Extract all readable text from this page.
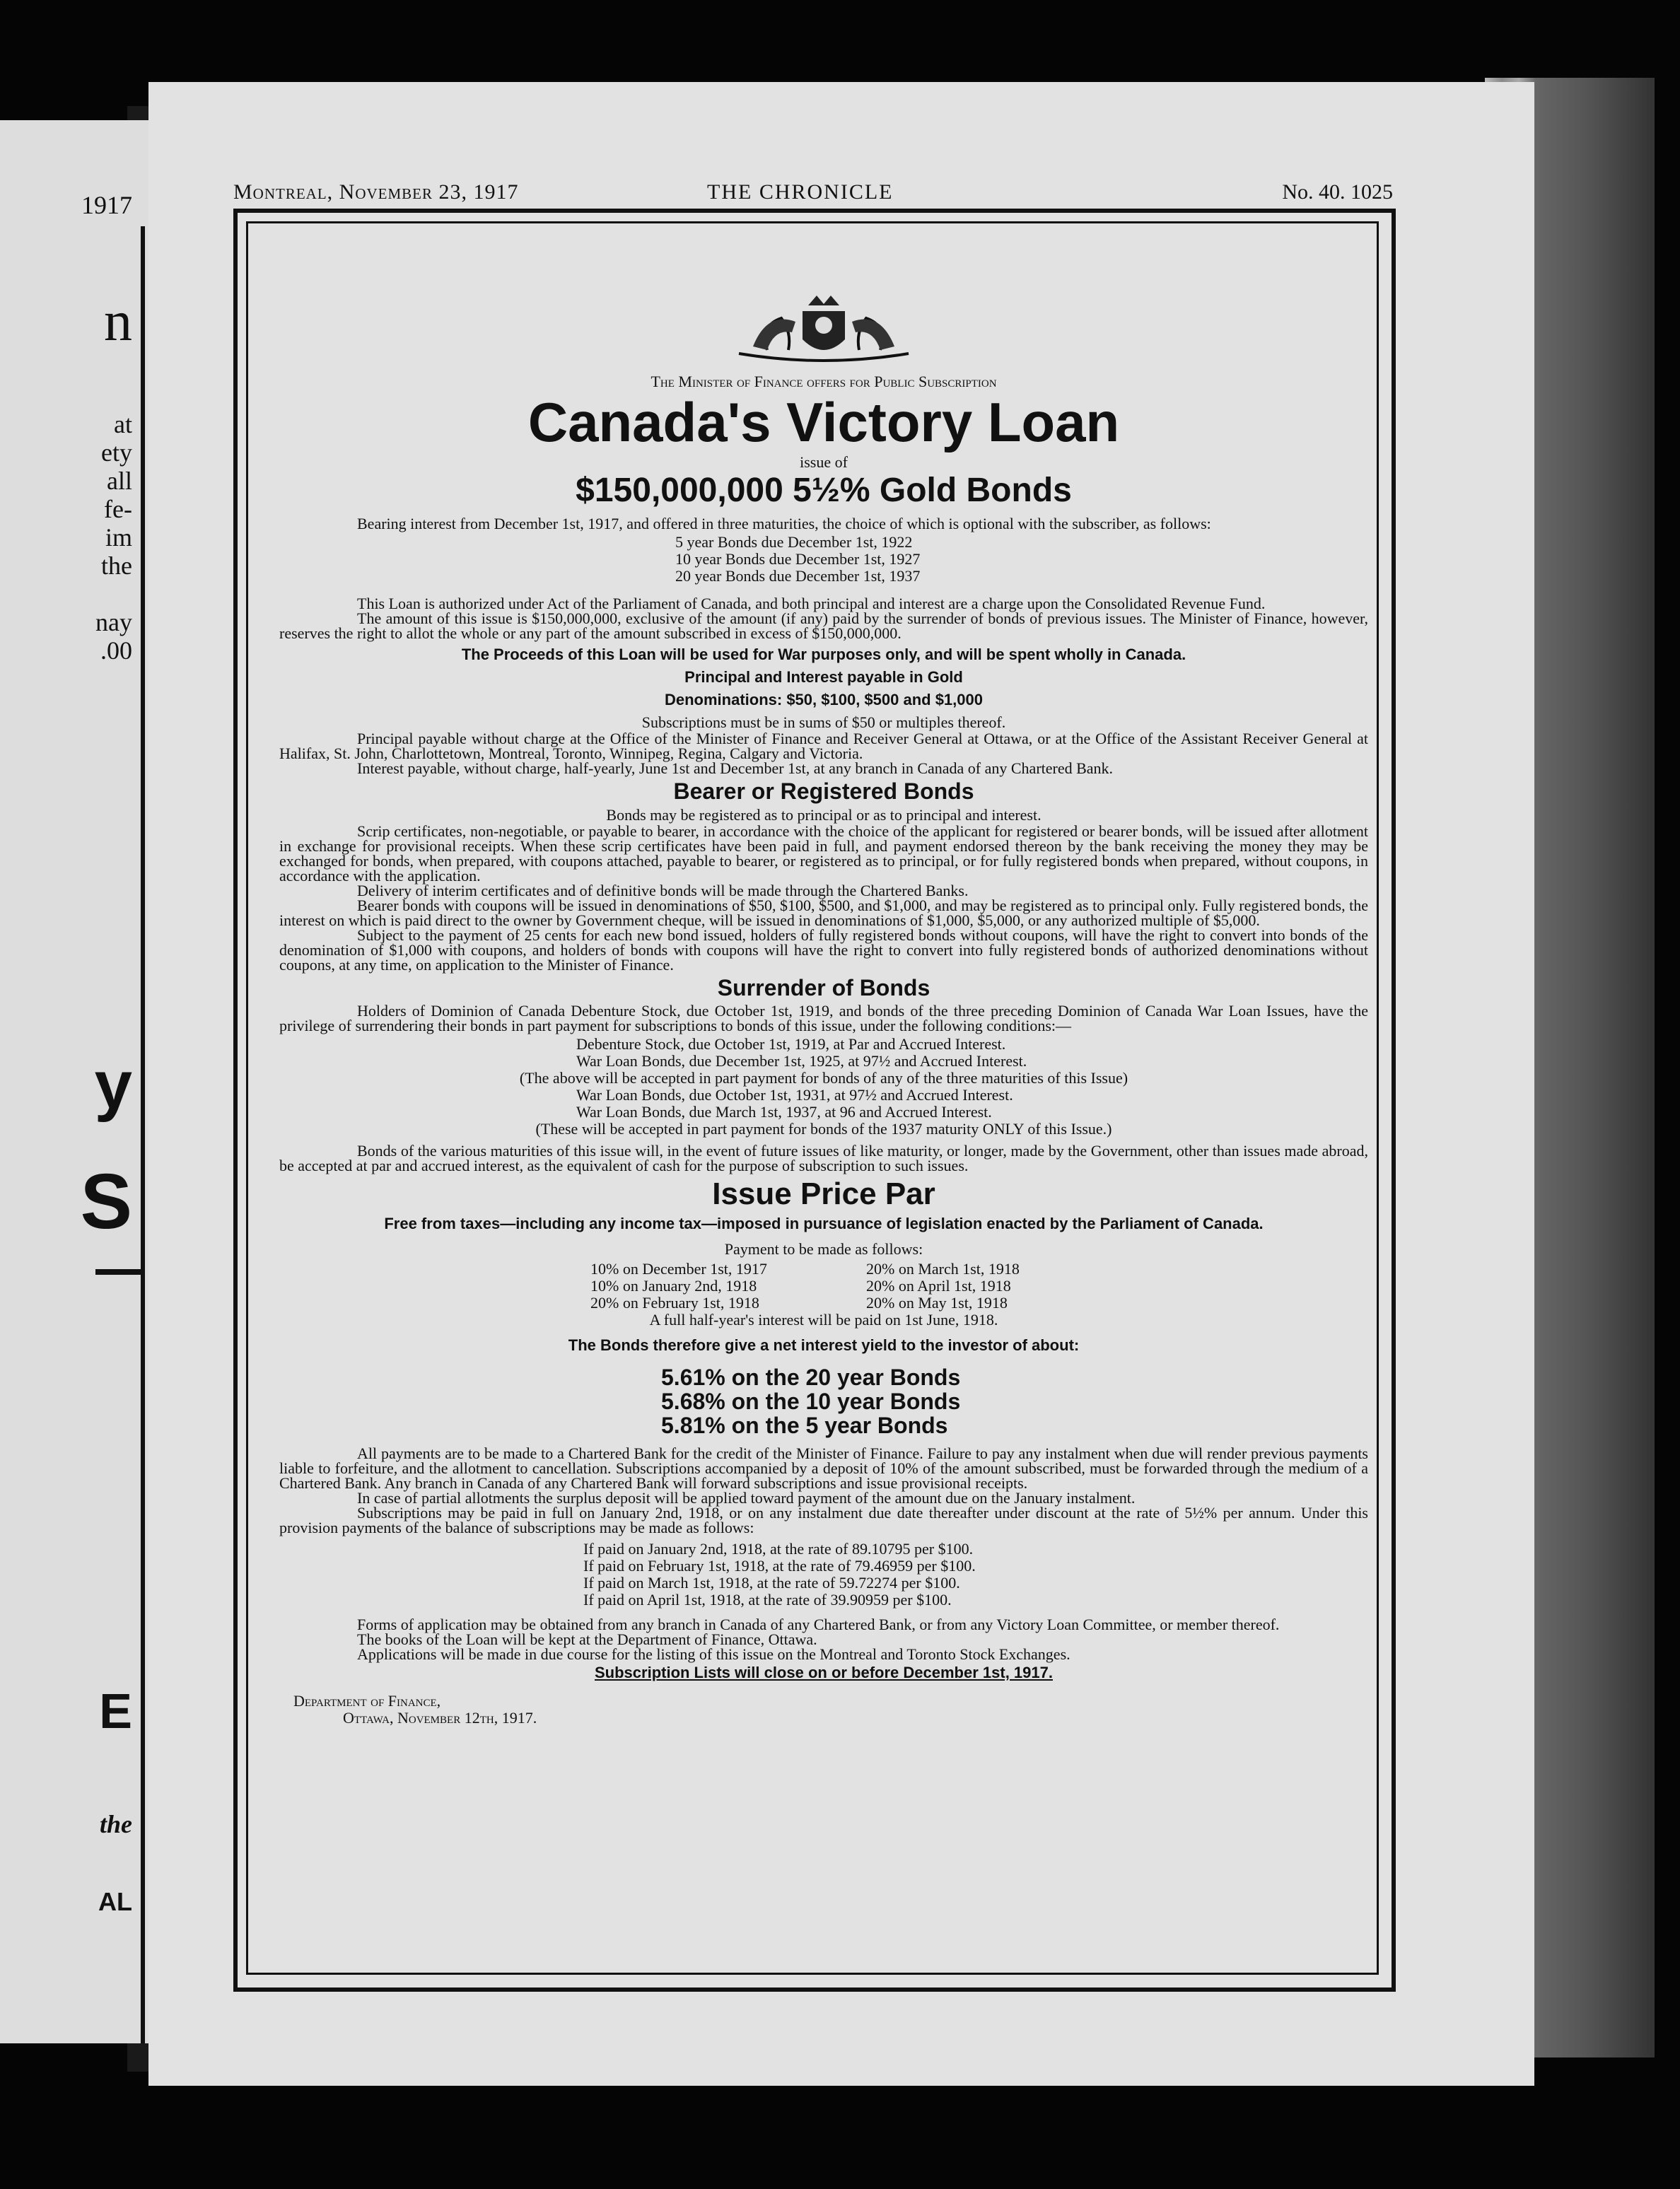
1917
n
at
ety
all
fe-
im
the
nay
.00
y
S
E
the
AL
Montreal, November 23, 1917	THE CHRONICLE	No. 40. 1025

The Minister of Finance offers for Public Subscription

Canada's Victory Loan

issue of

$150,000,000 5½% Gold Bonds

Bearing interest from December 1st, 1917, and offered in three maturities, the choice of which is optional with the subscriber, as follows:

5 year Bonds due December 1st, 1922

10 year Bonds due December 1st, 1927

20 year Bonds due December 1st, 1937

This Loan is authorized under Act of the Parliament of Canada, and both principal and interest are a charge upon the Consolidated Revenue Fund.

The amount of this issue is $150,000,000, exclusive of the amount (if any) paid by the surrender of bonds of previous issues. The Minister of Finance, however, reserves the right to allot the whole or any part of the amount subscribed in excess of $150,000,000.

The Proceeds of this Loan will be used for War purposes only, and will be spent wholly in Canada.

Principal and Interest payable in Gold

Denominations: $50, $100, $500 and $1,000

Subscriptions must be in sums of $50 or multiples thereof.

Principal payable without charge at the Office of the Minister of Finance and Receiver General at Ottawa, or at the Office of the Assistant Receiver General at Halifax, St. John, Charlottetown, Montreal, Toronto, Winnipeg, Regina, Calgary and Victoria.

Interest payable, without charge, half-yearly, June 1st and December 1st, at any branch in Canada of any Chartered Bank.

Bearer or Registered Bonds

Bonds may be registered as to principal or as to principal and interest.

Scrip certificates, non-negotiable, or payable to bearer, in accordance with the choice of the applicant for registered or bearer bonds, will be issued after allotment in exchange for provisional receipts. When these scrip certificates have been paid in full, and payment endorsed thereon by the bank receiving the money they may be exchanged for bonds, when prepared, with coupons attached, payable to bearer, or registered as to principal, or for fully registered bonds when prepared, without coupons, in accordance with the application.

Delivery of interim certificates and of definitive bonds will be made through the Chartered Banks.

Bearer bonds with coupons will be issued in denominations of $50, $100, $500, and $1,000, and may be registered as to principal only. Fully registered bonds, the interest on which is paid direct to the owner by Government cheque, will be issued in denominations of $1,000, $5,000, or any authorized multiple of $5,000.

Subject to the payment of 25 cents for each new bond issued, holders of fully registered bonds without coupons, will have the right to convert into bonds of the denomination of $1,000 with coupons, and holders of bonds with coupons will have the right to convert into fully registered bonds of authorized denominations without coupons, at any time, on application to the Minister of Finance.

Surrender of Bonds

Holders of Dominion of Canada Debenture Stock, due October 1st, 1919, and bonds of the three preceding Dominion of Canada War Loan Issues, have the privilege of surrendering their bonds in part payment for subscriptions to bonds of this issue, under the following conditions:—

Debenture Stock, due October 1st, 1919, at Par and Accrued Interest.

War Loan Bonds, due December 1st, 1925, at 97½ and Accrued Interest.

(The above will be accepted in part payment for bonds of any of the three maturities of this Issue)

War Loan Bonds, due October 1st, 1931, at 97½ and Accrued Interest.

War Loan Bonds, due March 1st, 1937, at 96 and Accrued Interest.

(These will be accepted in part payment for bonds of the 1937 maturity ONLY of this Issue.)

Bonds of the various maturities of this issue will, in the event of future issues of like maturity, or longer, made by the Government, other than issues made abroad, be accepted at par and accrued interest, as the equivalent of cash for the purpose of subscription to such issues.

Issue Price Par

Free from taxes—including any income tax—imposed in pursuance of legislation enacted by the Parliament of Canada.

Payment to be made as follows:

10% on December 1st, 1917

10% on January 2nd, 1918

20% on February 1st, 1918

20% on March 1st, 1918

20% on April 1st, 1918

20% on May 1st, 1918

A full half-year's interest will be paid on 1st June, 1918.

The Bonds therefore give a net interest yield to the investor of about:

5.61% on the 20 year Bonds

5.68% on the 10 year Bonds

5.81% on the 5 year Bonds

All payments are to be made to a Chartered Bank for the credit of the Minister of Finance. Failure to pay any instalment when due will render previous payments liable to forfeiture, and the allotment to cancellation. Subscriptions accompanied by a deposit of 10% of the amount subscribed, must be forwarded through the medium of a Chartered Bank. Any branch in Canada of any Chartered Bank will forward subscriptions and issue provisional receipts.

In case of partial allotments the surplus deposit will be applied toward payment of the amount due on the January instalment.

Subscriptions may be paid in full on January 2nd, 1918, or on any instalment due date thereafter under discount at the rate of 5½% per annum. Under this provision payments of the balance of subscriptions may be made as follows:

If paid on January 2nd, 1918, at the rate of 89.10795 per $100.

If paid on February 1st, 1918, at the rate of 79.46959 per $100.

If paid on March 1st, 1918, at the rate of 59.72274 per $100.

If paid on April 1st, 1918, at the rate of 39.90959 per $100.

Forms of application may be obtained from any branch in Canada of any Chartered Bank, or from any Victory Loan Committee, or member thereof.

The books of the Loan will be kept at the Department of Finance, Ottawa.

Applications will be made in due course for the listing of this issue on the Montreal and Toronto Stock Exchanges.

Subscription Lists will close on or before December 1st, 1917.

Department of Finance,

Ottawa, November 12th, 1917.
